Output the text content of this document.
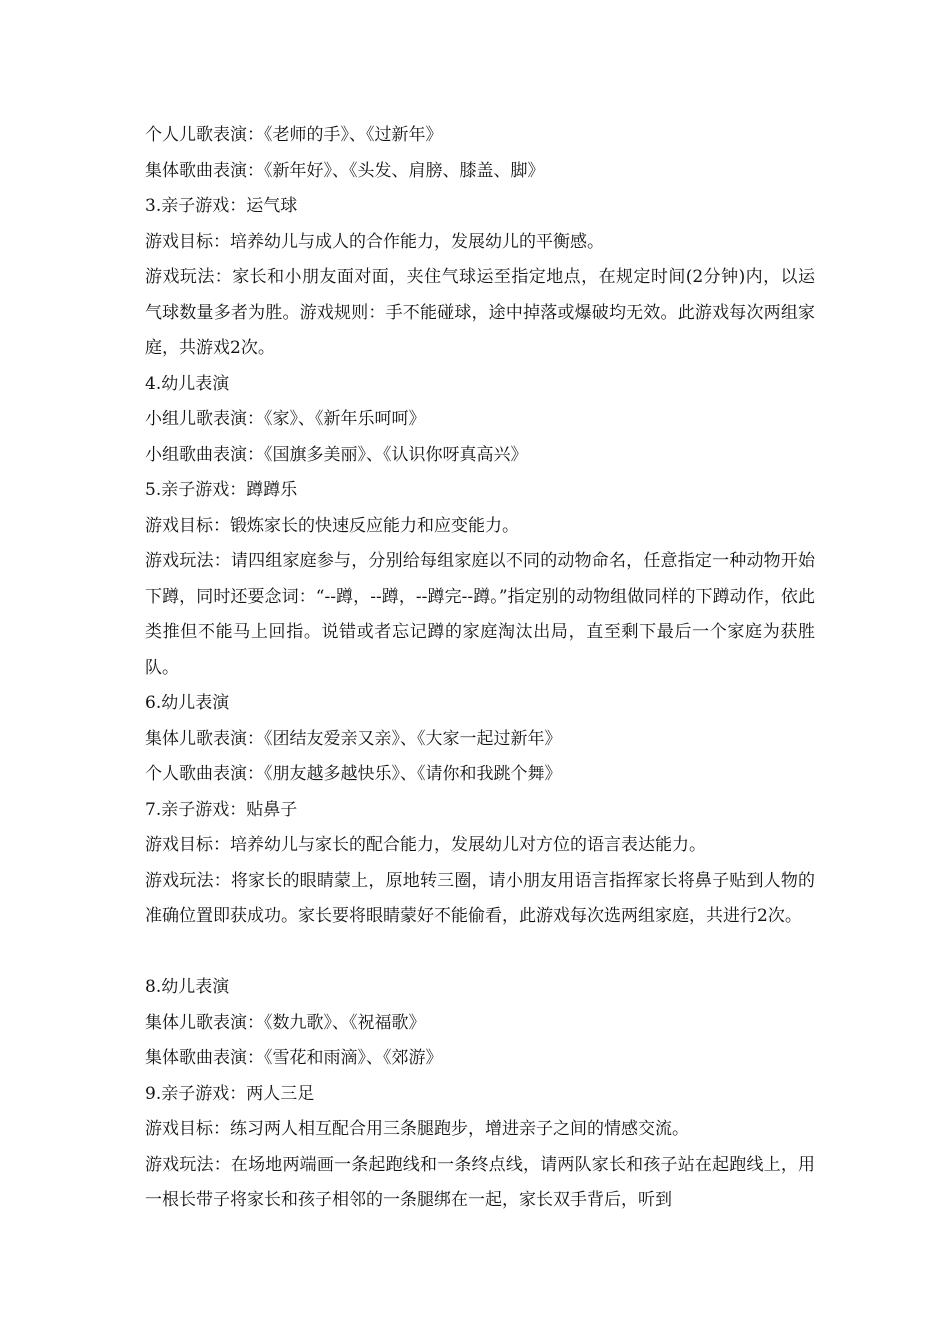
个人儿歌表演：《老师的手》、《过新年》

集体歌曲表演：《新年好》、《头发、肩膀、膝盖、脚》

3.亲子游戏：运气球

游戏目标：培养幼儿与成人的合作能力，发展幼儿的平衡感。

游戏玩法：家长和小朋友面对面，夹住气球运至指定地点，在规定时间(2分钟)内，以运气球数量多者为胜。游戏规则：手不能碰球，途中掉落或爆破均无效。此游戏每次两组家庭，共游戏2次。

4.幼儿表演

小组儿歌表演：《家》、《新年乐呵呵》

小组歌曲表演：《国旗多美丽》、《认识你呀真高兴》

5.亲子游戏：蹲蹲乐

游戏目标：锻炼家长的快速反应能力和应变能力。

游戏玩法：请四组家庭参与，分别给每组家庭以不同的动物命名，任意指定一种动物开始下蹲，同时还要念词：“--蹲，--蹲，--蹲完--蹲。”指定别的动物组做同样的下蹲动作，依此类推但不能马上回指。说错或者忘记蹲的家庭淘汰出局，直至剩下最后一个家庭为获胜队。

6.幼儿表演

集体儿歌表演：《团结友爱亲又亲》、《大家一起过新年》

个人歌曲表演：《朋友越多越快乐》、《请你和我跳个舞》

7.亲子游戏：贴鼻子

游戏目标：培养幼儿与家长的配合能力，发展幼儿对方位的语言表达能力。

游戏玩法：将家长的眼睛蒙上，原地转三圈，请小朋友用语言指挥家长将鼻子贴到人物的准确位置即获成功。家长要将眼睛蒙好不能偷看，此游戏每次选两组家庭，共进行2次。

8.幼儿表演

集体儿歌表演：《数九歌》、《祝福歌》

集体歌曲表演：《雪花和雨滴》、《郊游》

9.亲子游戏：两人三足

游戏目标：练习两人相互配合用三条腿跑步，增进亲子之间的情感交流。

游戏玩法：在场地两端画一条起跑线和一条终点线，请两队家长和孩子站在起跑线上，用一根长带子将家长和孩子相邻的一条腿绑在一起，家长双手背后，听到
